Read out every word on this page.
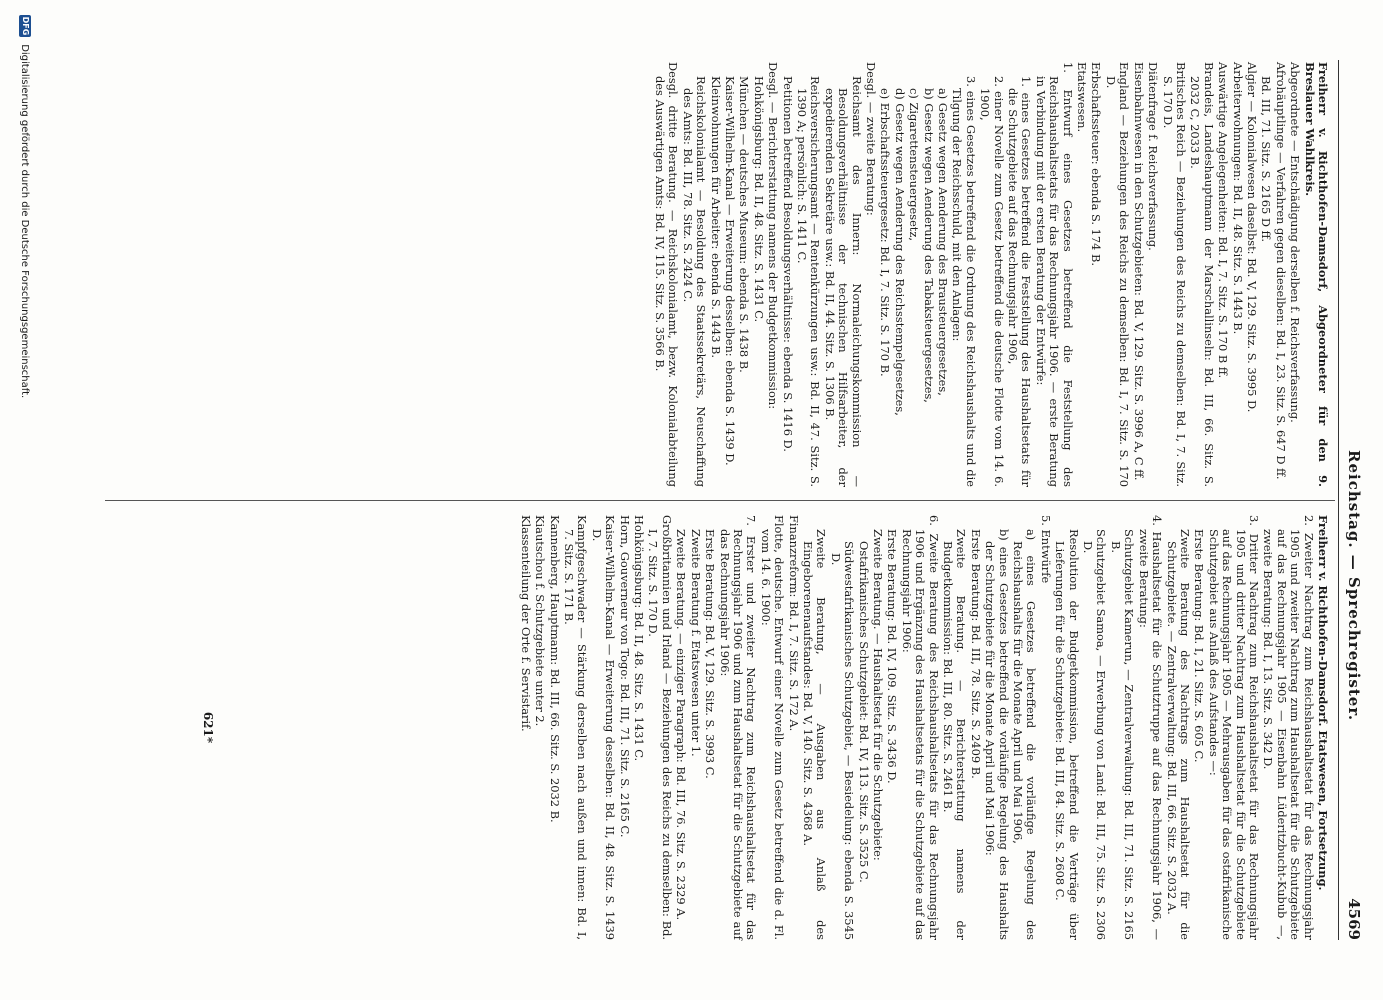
Reichstag. — Sprechregister.
4569

Freiherr v. Richthofen-Damsdorf, Abgeordneter für den 9. Breslauer Wahlkreis.

Abgeordnete — Entschädigung derselben f. Reichsverfassung.

Afrohäuptlinge — Verfahren gegen dieselben: Bd. I, 23. Sitz. S. 647 D ff.

Bd. III, 71. Sitz. S. 2165 D ff.

Algier — Kolonialwesen daselbst: Bd. V, 129. Sitz. S. 3995 D.

Arbeiterwohnungen: Bd. II, 48. Sitz. S. 1443 B.

Auswärtige Angelegenheiten: Bd. I, 7. Sitz. S. 170 B ff.

Brandeis, Landeshauptmann der Marschallinseln: Bd. III, 66. Sitz. S. 2032 C, 2033 B.

Britisches Reich — Beziehungen des Reichs zu demselben: Bd. I, 7. Sitz. S. 170 D.

Diätenfrage f. Reichsverfassung.

Eisenbahnwesen in den Schutzgebieten: Bd. V, 129. Sitz. S. 3996 A, C ff.

England — Beziehungen des Reichs zu demselben: Bd. I, 7. Sitz. S. 170 D.

Erbschaftssteuer: ebenda S. 174 B.

Etatswesen.

1. Entwurf eines Gesetzes betreffend die Feststellung des Reichshaushaltsetats für das Rechnungsjahr 1906. — erste Beratung in Verbindung mit der ersten Beratung der Entwürfe:

1. eines Gesetzes betreffend die Feststellung des Haushaltsetats für die Schutzgebiete auf das Rechnungsjahr 1906,

2. einer Novelle zum Gesetz betreffend die deutsche Flotte vom 14. 6. 1900,

3. eines Gesetzes betreffend die Ordnung des Reichshaushalts und die Tilgung der Reichsschuld, mit den Anlagen:

a) Gesetz wegen Aenderung des Brausteuergesetzes,

b) Gesetz wegen Aenderung des Tabaksteuergesetzes,

c) Zigarettensteuergesetz,

d) Gesetz wegen Aenderung des Reichsstempelgesetzes,

e) Erbschaftssteuergesetz: Bd. I, 7. Sitz. S. 170 B.

Desgl. — zweite Beratung:

Reichsamt des Innern: Normaleichungskommission — Besoldungsverhältnisse der technischen Hilfsarbeiter, der expedierenden Sekretäre usw.: Bd. II, 44. Sitz. S. 1306 B.

Reichsversicherungsamt — Rentenkürzungen usw.: Bd. II, 47. Sitz. S. 1390 A; persönlich: S. 1411 C.

Petitionen betreffend Besoldungsverhältnisse: ebenda S. 1416 D.

Desgl. — Berichterstattung namens der Budgetkommission:

Hohkönigsburg: Bd. II, 48. Sitz. S. 1431 C.

München — deutsches Museum: ebenda S. 1438 B.

Kaiser-Wilhelm-Kanal — Erweiterung desselben: ebenda S. 1439 D.

Kleinwohnungen für Arbeiter: ebenda S. 1443 B.

Reichskolonialamt — Besoldung des Staatssekretärs, Neuschaffung des Amts: Bd. III, 78. Sitz. S. 2424 C.

Desgl. dritte Beratung. — Reichskolonialamt, bezw. Kolonialabteilung des Auswärtigen Amts: Bd. IV, 115. Sitz. S. 3566 B.

Freiherr v. Richthofen-Damsdorf. Etatswesen, Fortsetzung.

2. Zweiter Nachtrag zum Reichshaushaltsetat für das Rechnungsjahr 1905 und zweiter Nachtrag zum Haushaltsetat für die Schutzgebiete auf das Rechnungsjahr 1905 — Eisenbahn Lüderitzbucht-Kubub —, zweite Beratung: Bd. I, 13. Sitz. S. 342 D.

3. Dritter Nachtrag zum Reichshaushaltsetat für das Rechnungsjahr 1905 und dritter Nachtrag zum Haushaltsetat für die Schutzgebiete auf das Rechnungsjahr 1905 — Mehrausgaben für das ostafrikanische Schutzgebiet aus Anlaß des Aufstandes —:

Erste Beratung: Bd. I, 21. Sitz. S. 605 C.

Zweite Beratung des Nachtrags zum Haushaltsetat für die Schutzgebiete. — Zentralverwaltung: Bd. III, 66. Sitz. S. 2032 A.

4. Haushaltsetat für die Schutztruppe auf das Rechnungsjahr 1906, — zweite Beratung:

Schutzgebiet Kamerun, — Zentralverwaltung: Bd. III, 71. Sitz. S. 2165 B.

Schutzgebiet Samoa, — Erwerbung von Land: Bd. III, 75. Sitz. S. 2306 D.

Resolution der Budgetkommission, betreffend die Verträge über Lieferungen für die Schutzgebiete: Bd. III, 84. Sitz. S. 2608 C.

5. Entwürfe

a) eines Gesetzes betreffend die vorläufige Regelung des Reichshaushalts für die Monate April und Mai 1906,

b) eines Gesetzes betreffend die vorläufige Regelung des Haushalts der Schutzgebiete für die Monate April und Mai 1906:

Erste Beratung: Bd. III, 78. Sitz. S. 2409 B.

Zweite Beratung. — Berichterstattung namens der Budgetkommission: Bd. III, 80. Sitz. S. 2461 B.

6. Zweite Beratung des Reichshaushaltsetats für das Rechnungsjahr 1906 und Ergänzung des Haushaltsetats für die Schutzgebiete auf das Rechnungsjahr 1906:

Erste Beratung: Bd. IV, 109. Sitz. S. 3436 D.

Zweite Beratung. — Haushaltsetat für die Schutzgebiete:

Ostafrikanisches Schutzgebiet: Bd. IV, 113. Sitz. S. 3525 C.

Südwestafrikanisches Schutzgebiet, — Besiedelung: ebenda S. 3545 D.

Zweite Beratung, — Ausgaben aus Anlaß des Eingeborenenaufstandes: Bd. V, 140. Sitz. S. 4368 A.

Finanzreform: Bd. I, 7. Sitz. S. 172 A.

Flotte, deutsche. Entwurf einer Novelle zum Gesetz betreffend die d. Fl. vom 14. 6. 1900:

7. Erster und zweiter Nachtrag zum Reichshaushaltsetat für das Rechnungsjahr 1906 und zum Haushaltsetat für die Schutzgebiete auf das Rechnungsjahr 1906:

Erste Beratung: Bd. V, 129. Sitz. S. 3993 C.

Zweite Beratung f. Etatswesen unter 1.

Zweite Beratung. — einziger Paragraph: Bd. III, 76. Sitz. S. 2329 A.

Großbritannien und Irland — Beziehungen des Reichs zu demselben: Bd. I, 7. Sitz. S. 170 D.

Hohkönigsburg: Bd. II, 48. Sitz. S. 1431 C.

Horn, Gouverneur von Togo: Bd. III, 71. Sitz. S. 2165 C.

Kaiser-Wilhelm-Kanal — Erweiterung desselben: Bd. II, 48. Sitz. S. 1439 D.

Kampfgeschwader — Stärkung derselben nach außen und innen: Bd. I, 7. Sitz. S. 171 B.

Kannenberg, Hauptmann: Bd. III, 66. Sitz. S. 2032 B.

Kiautschou f. Schutzgebiete unter 2.

Klassenteilung der Orte f. Servistarif.

621*
DFG Digitalisierung gefördert durch die Deutsche Forschungsgemeinschaft.
